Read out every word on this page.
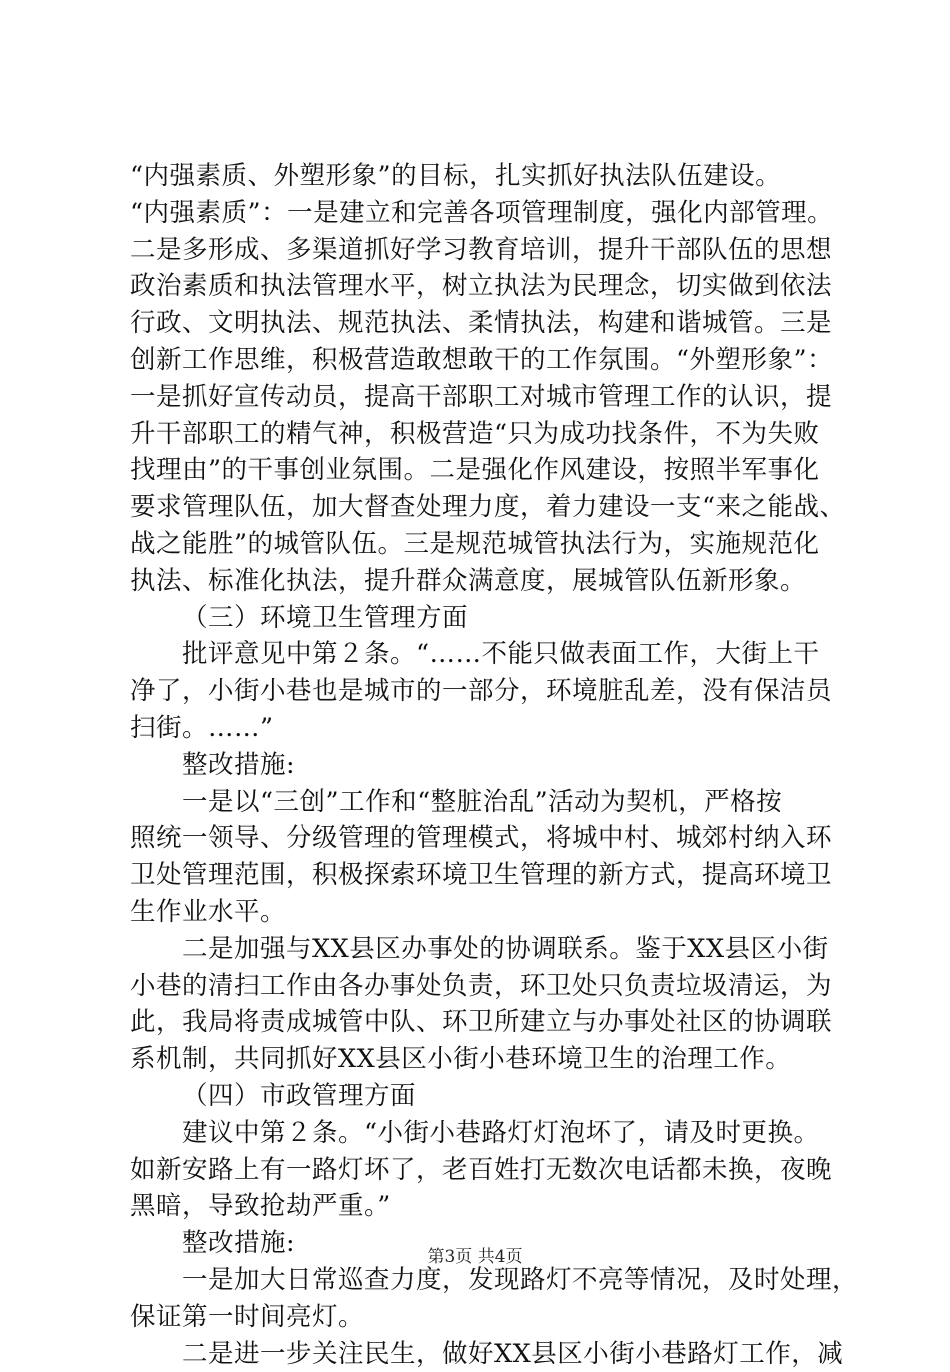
“内强素质、外塑形象”的目标，扎实抓好执法队伍建设。
“内强素质”：一是建立和完善各项管理制度，强化内部管理。
二是多形成、多渠道抓好学习教育培训，提升干部队伍的思想
政治素质和执法管理水平，树立执法为民理念，切实做到依法
行政、文明执法、规范执法、柔情执法，构建和谐城管。三是
创新工作思维，积极营造敢想敢干的工作氛围。“外塑形象”：
一是抓好宣传动员，提高干部职工对城市管理工作的认识，提
升干部职工的精气神，积极营造“只为成功找条件，不为失败
找理由”的干事创业氛围。二是强化作风建设，按照半军事化
要求管理队伍，加大督查处理力度，着力建设一支“来之能战、
战之能胜”的城管队伍。三是规范城管执法行为，实施规范化
执法、标准化执法，提升群众满意度，展城管队伍新形象。
（三）环境卫生管理方面
批评意见中第２条。“……不能只做表面工作，大街上干
净了，小街小巷也是城市的一部分，环境脏乱差，没有保洁员
扫街。……”
整改措施:
一是以“三创”工作和“整脏治乱”活动为契机，严格按
照统一领导、分级管理的管理模式，将城中村、城郊村纳入环
卫处管理范围，积极探索环境卫生管理的新方式，提高环境卫
生作业水平。
二是加强与XX县区办事处的协调联系。鉴于XX县区小街
小巷的清扫工作由各办事处负责，环卫处只负责垃圾清运，为
此，我局将责成城管中队、环卫所建立与办事处社区的协调联
系机制，共同抓好XX县区小街小巷环境卫生的治理工作。
（四）市政管理方面
建议中第２条。“小街小巷路灯灯泡坏了，请及时更换。
如新安路上有一路灯坏了，老百姓打无数次电话都未换，夜晚
黑暗，导致抢劫严重。”
整改措施:
一是加大日常巡查力度，发现路灯不亮等情况，及时处理，
保证第一时间亮灯。
二是进一步关注民生，做好XX县区小街小巷路灯工作，减
第3页 共4页
